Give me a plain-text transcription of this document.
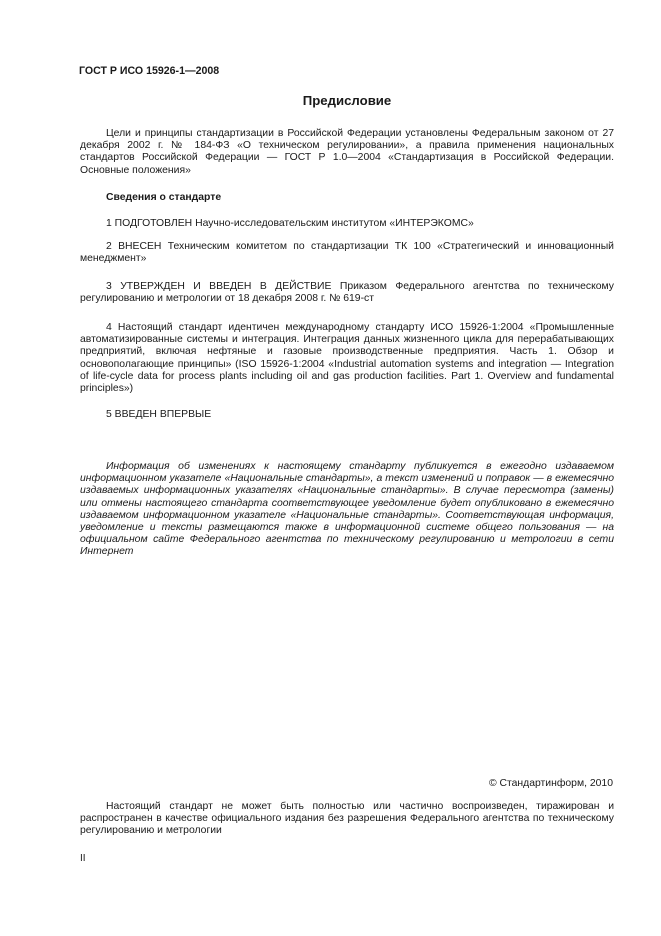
ГОСТ Р ИСО 15926-1—2008
Предисловие

Цели и принципы стандартизации в Российской Федерации установлены Федеральным законом от 27 декабря 2002 г. № 184-ФЗ «О техническом регулировании», а правила применения национальных стандартов Российской Федерации — ГОСТ Р 1.0—2004 «Стандартизация в Российской Федерации. Основные положения»

Сведения о стандарте

1 ПОДГОТОВЛЕН Научно-исследовательским институтом «ИНТЕРЭКОМС»

2 ВНЕСЕН Техническим комитетом по стандартизации ТК 100 «Стратегический и инновационный менеджмент»

3 УТВЕРЖДЕН И ВВЕДЕН В ДЕЙСТВИЕ Приказом Федерального агентства по техническому регулированию и метрологии от 18 декабря 2008 г. № 619-ст

4 Настоящий стандарт идентичен международному стандарту ИСО 15926-1:2004 «Промышленные автоматизированные системы и интеграция. Интеграция данных жизненного цикла для перерабатывающих предприятий, включая нефтяные и газовые производственные предприятия. Часть 1. Обзор и основополагающие принципы» (ISO 15926-1:2004 «Industrial automation systems and integration — Integration of life-cycle data for process plants including oil and gas production facilities. Part 1. Overview and fundamental principles»)

5 ВВЕДЕН ВПЕРВЫЕ

Информация об изменениях к настоящему стандарту публикуется в ежегодно издаваемом информационном указателе «Национальные стандарты», а текст изменений и поправок — в ежемесячно издаваемых информационных указателях «Национальные стандарты». В случае пересмотра (замены) или отмены настоящего стандарта соответствующее уведомление будет опубликовано в ежемесячно издаваемом информационном указателе «Национальные стандарты». Соответствующая информация, уведомление и тексты размещаются также в информационной системе общего пользования — на официальном сайте Федерального агентства по техническому регулированию и метрологии в сети Интернет

© Стандартинформ, 2010

Настоящий стандарт не может быть полностью или частично воспроизведен, тиражирован и распространен в качестве официального издания без разрешения Федерального агентства по техническому регулированию и метрологии

II
